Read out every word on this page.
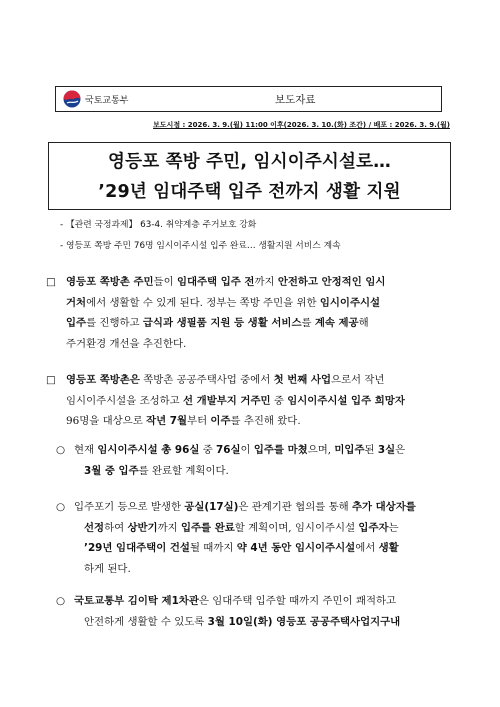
국토교통부	보도자료
보도시점 : 2026. 3. 9.(월) 11:00 이후(2026. 3. 10.(화) 조간) / 배포 : 2026. 3. 9.(월)
영등포 쪽방 주민, 임시이주시설로…
’29년 임대주택 입주 전까지 생활 지원
- 【관련 국정과제】 63-4. 취약계층 주거보호 강화
- 영등포 쪽방 주민 76명 임시이주시설 입주 완료… 생활지원 서비스 계속
□ 영등포 쪽방촌 주민들이 임대주택 입주 전까지 안전하고 안정적인 임시
거처에서 생활할 수 있게 된다. 정부는 쪽방 주민을 위한 임시이주시설
입주를 진행하고 급식과 생필품 지원 등 생활 서비스를 계속 제공해
주거환경 개선을 추진한다.
□ 영등포 쪽방촌은 쪽방촌 공공주택사업 중에서 첫 번째 사업으로서 작년
임시이주시설을 조성하고 선 개발부지 거주민 중 임시이주시설 입주 희망자
96명을 대상으로 작년 7월부터 이주를 추진해 왔다.
○ 현재 임시이주시설 총 96실 중 76실이 입주를 마쳤으며, 미입주된 3실은
3월 중 입주를 완료할 계획이다.
○ 입주포기 등으로 발생한 공실(17실)은 관계기관 협의를 통해 추가 대상자를
선정하여 상반기까지 입주를 완료할 계획이며, 임시이주시설 입주자는
’29년 임대주택이 건설될 때까지 약 4년 동안 임시이주시설에서 생활
하게 된다.
○ 국토교통부 김이탁 제1차관은 임대주택 입주할 때까지 주민이 쾌적하고
안전하게 생활할 수 있도록 3월 10일(화) 영등포 공공주택사업지구내
